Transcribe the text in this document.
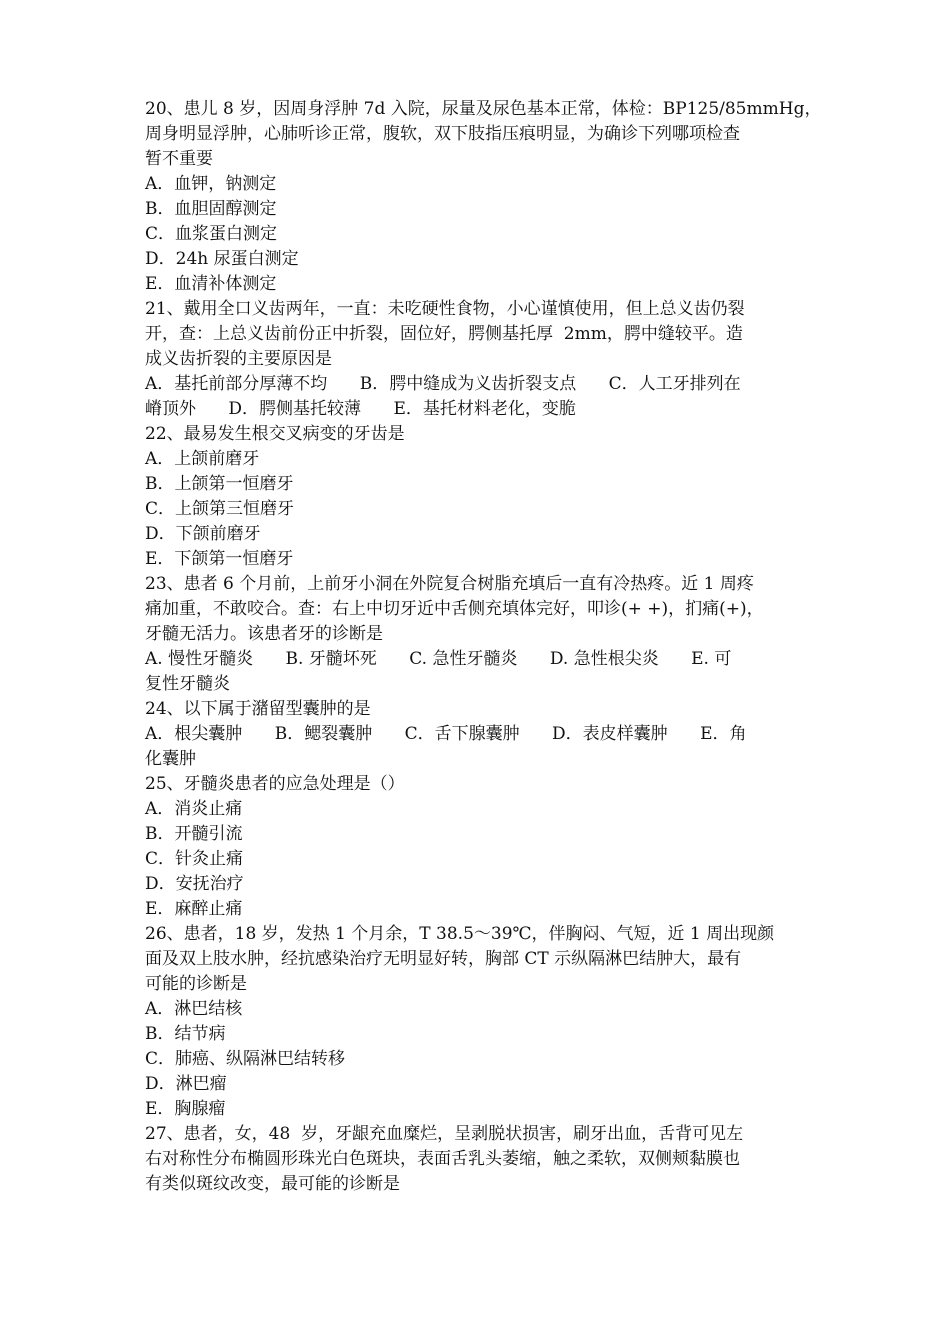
20、患儿 8 岁，因周身浮肿 7d 入院，尿量及尿色基本正常，体检：BP125/85mmHg，
周身明显浮肿，心肺听诊正常，腹软，双下肢指压痕明显，为确诊下列哪项检查
暂不重要
A．血钾，钠测定
B．血胆固醇测定
C．血浆蛋白测定
D．24h 尿蛋白测定
E．血清补体测定
21、戴用全口义齿两年，一直：未吃硬性食物，小心谨慎使用，但上总义齿仍裂
开，查：上总义齿前份正中折裂，固位好，腭侧基托厚  2mm，腭中缝较平。造
成义齿折裂的主要原因是
A．基托前部分厚薄不均      B．腭中缝成为义齿折裂支点      C．人工牙排列在
嵴顶外      D．腭侧基托较薄      E．基托材料老化，变脆
22、最易发生根交叉病变的牙齿是
A．上颌前磨牙
B．上颌第一恒磨牙
C．上颌第三恒磨牙
D．下颌前磨牙
E．下颌第一恒磨牙
23、患者 6 个月前，上前牙小洞在外院复合树脂充填后一直有冷热疼。近 1 周疼
痛加重，不敢咬合。查：右上中切牙近中舌侧充填体完好，叩诊(+ +)，扪痛(+)，
牙髓无活力。该患者牙的诊断是
A. 慢性牙髓炎      B. 牙髓坏死      C. 急性牙髓炎      D. 急性根尖炎      E. 可
复性牙髓炎
24、以下属于潴留型囊肿的是
A．根尖囊肿      B．鳃裂囊肿      C．舌下腺囊肿      D．表皮样囊肿      E．角
化囊肿
25、牙髓炎患者的应急处理是（）
A．消炎止痛
B．开髓引流
C．针灸止痛
D．安抚治疗
E．麻醉止痛
26、患者，18 岁，发热 1 个月余，T 38.5～39℃，伴胸闷、气短，近 1 周出现颜
面及双上肢水肿，经抗感染治疗无明显好转，胸部 CT 示纵隔淋巴结肿大，最有
可能的诊断是
A．淋巴结核
B．结节病
C．肺癌、纵隔淋巴结转移
D．淋巴瘤
E．胸腺瘤
27、患者，女，48  岁，牙龈充血糜烂，呈剥脱状损害，刷牙出血，舌背可见左
右对称性分布椭圆形珠光白色斑块，表面舌乳头萎缩，触之柔软，双侧颊黏膜也
有类似斑纹改变，最可能的诊断是
